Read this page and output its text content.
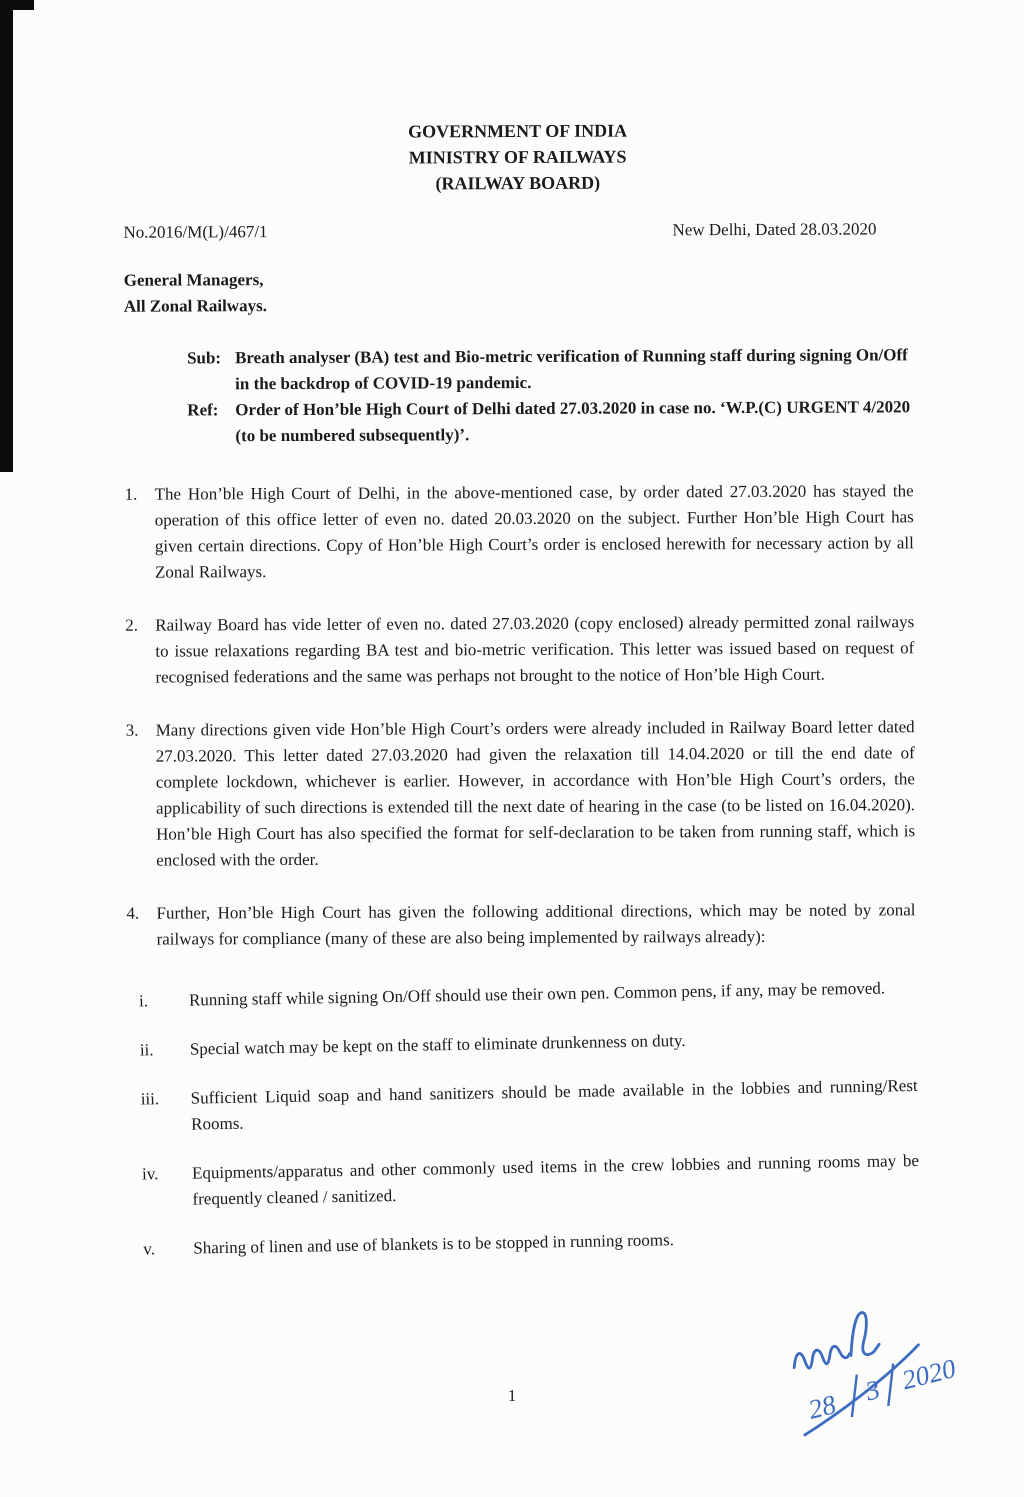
GOVERNMENT OF INDIA
MINISTRY OF RAILWAYS
(RAILWAY BOARD)
No.2016/M(L)/467/1	New Delhi, Dated 28.03.2020
General Managers,
All Zonal Railways.
Sub: Breath analyser (BA) test and Bio-metric verification of Running staff during signing On/Off in the backdrop of COVID-19 pandemic.
Ref: Order of Hon’ble High Court of Delhi dated 27.03.2020 in case no. ‘W.P.(C) URGENT 4/2020 (to be numbered subsequently)’.
1.	The Hon’ble High Court of Delhi, in the above-mentioned case, by order dated 27.03.2020 has stayed the operation of this office letter of even no. dated 20.03.2020 on the subject. Further Hon’ble High Court has given certain directions. Copy of Hon’ble High Court’s order is enclosed herewith for necessary action by all Zonal Railways.
2.	Railway Board has vide letter of even no. dated 27.03.2020 (copy enclosed) already permitted zonal railways to issue relaxations regarding BA test and bio-metric verification. This letter was issued based on request of recognised federations and the same was perhaps not brought to the notice of Hon’ble High Court.
3.	Many directions given vide Hon’ble High Court’s orders were already included in Railway Board letter dated 27.03.2020. This letter dated 27.03.2020 had given the relaxation till 14.04.2020 or till the end date of complete lockdown, whichever is earlier. However, in accordance with Hon’ble High Court’s orders, the applicability of such directions is extended till the next date of hearing in the case (to be listed on 16.04.2020). Hon’ble High Court has also specified the format for self-declaration to be taken from running staff, which is enclosed with the order.
4.	Further, Hon’ble High Court has given the following additional directions, which may be noted by zonal railways for compliance (many of these are also being implemented by railways already):
i.	Running staff while signing On/Off should use their own pen. Common pens, if any, may be removed.
ii.	Special watch may be kept on the staff to eliminate drunkenness on duty.
iii.	Sufficient Liquid soap and hand sanitizers should be made available in the lobbies and running/Rest Rooms.
iv.	Equipments/apparatus and other commonly used items in the crew lobbies and running rooms may be frequently cleaned / sanitized.
v.	Sharing of linen and use of blankets is to be stopped in running rooms.
28 3 2020
1
